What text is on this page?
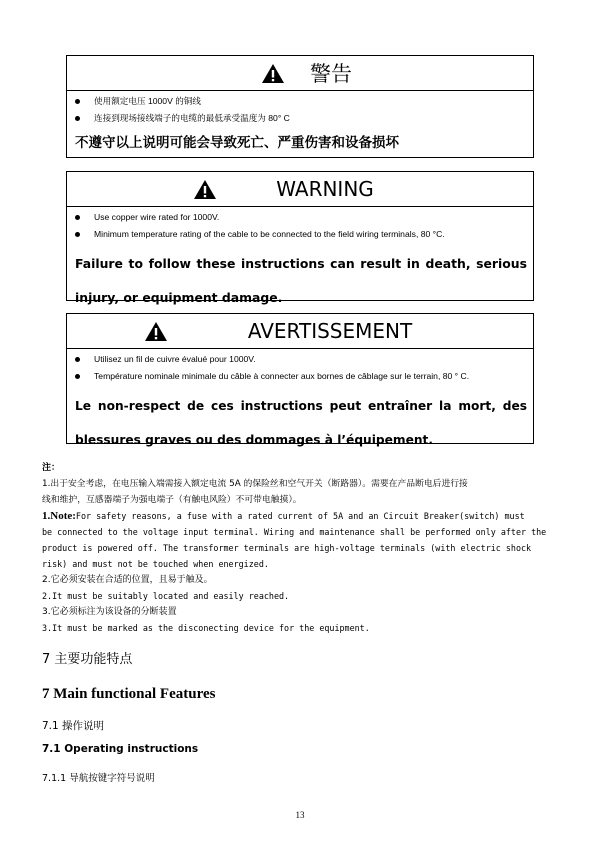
警告
使用额定电压 1000V 的铜线
连接到现场接线端子的电缆的最低承受温度为 80° C
不遵守以上说明可能会导致死亡、严重伤害和设备损坏
WARNING
Use copper wire rated for 1000V.
Minimum temperature rating of the cable to be connected to the field wiring terminals, 80 °C.
Failure to follow these instructions can result in death, serious injury, or equipment damage.
AVERTISSEMENT
Utilisez un fil de cuivre évalué pour 1000V.
Température nominale minimale du câble à connecter aux bornes de câblage sur le terrain, 80 ° C.
Le non-respect de ces instructions peut entraîner la mort, des blessures graves ou des dommages à l’équipement.
注：
1.出于安全考虑，在电压输入端需接入额定电流 5A 的保险丝和空气开关（断路器）。需要在产品断电后进行接
线和维护，互感器端子为强电端子（有触电风险）不可带电触摸）。
1.Note:For safety reasons, a fuse with a rated current of 5A and an Circuit Breaker(switch) must
be connected to the voltage input terminal. Wiring and maintenance shall be performed only after the
product is powered off. The transformer terminals are high-voltage terminals (with electric shock
risk) and must not be touched when energized.
2.它必须安装在合适的位置，且易于触及。
2.It must be suitably located and easily reached.
3.它必须标注为该设备的分断装置
3.It must be marked as the disconecting device for the equipment.
7 主要功能特点
7 Main functional Features
7.1 操作说明
7.1 Operating instructions
7.1.1 导航按键字符号说明
13
